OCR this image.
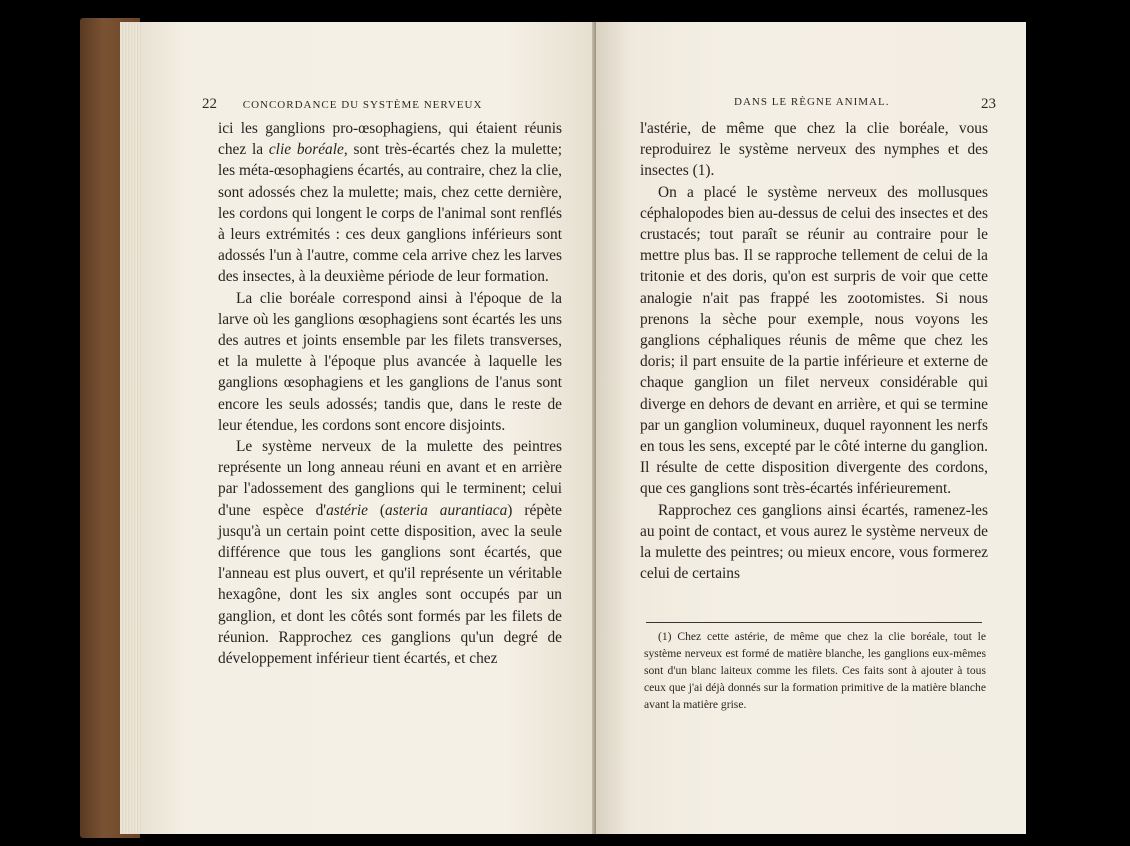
22 CONCORDANCE DU SYSTÈME NERVEUX

ici les ganglions pro-œsophagiens, qui étaient réunis chez la clie boréale, sont très-écartés chez la mulette; les méta-œsophagiens écartés, au contraire, chez la clie, sont adossés chez la mulette; mais, chez cette dernière, les cordons qui longent le corps de l'animal sont renflés à leurs extrémités : ces deux ganglions inférieurs sont adossés l'un à l'autre, comme cela arrive chez les larves des insectes, à la deuxième période de leur formation.

La clie boréale correspond ainsi à l'époque de la larve où les ganglions œsophagiens sont écartés les uns des autres et joints ensemble par les filets transverses, et la mulette à l'époque plus avancée à laquelle les ganglions œsophagiens et les ganglions de l'anus sont encore les seuls adossés; tandis que, dans le reste de leur étendue, les cordons sont encore disjoints.

Le système nerveux de la mulette des peintres représente un long anneau réuni en avant et en arrière par l'adossement des ganglions qui le terminent; celui d'une espèce d'astérie (asteria aurantiaca) répète jusqu'à un certain point cette disposition, avec la seule différence que tous les ganglions sont écartés, que l'anneau est plus ouvert, et qu'il représente un véritable hexagône, dont les six angles sont occupés par un ganglion, et dont les côtés sont formés par les filets de réunion. Rapprochez ces ganglions qu'un degré de développement inférieur tient écartés, et chez

DANS LE RÈGNE ANIMAL.	23

l'astérie, de même que chez la clie boréale, vous reproduirez le système nerveux des nymphes et des insectes (1).

On a placé le système nerveux des mollusques céphalopodes bien au-dessus de celui des insectes et des crustacés; tout paraît se réunir au contraire pour le mettre plus bas. Il se rapproche tellement de celui de la tritonie et des doris, qu'on est surpris de voir que cette analogie n'ait pas frappé les zootomistes. Si nous prenons la sèche pour exemple, nous voyons les ganglions céphaliques réunis de même que chez les doris; il part ensuite de la partie inférieure et externe de chaque ganglion un filet nerveux considérable qui diverge en dehors de devant en arrière, et qui se termine par un ganglion volumineux, duquel rayonnent les nerfs en tous les sens, excepté par le côté interne du ganglion. Il résulte de cette disposition divergente des cordons, que ces ganglions sont très-écartés inférieurement.

Rapprochez ces ganglions ainsi écartés, ramenez-les au point de contact, et vous aurez le système nerveux de la mulette des peintres; ou mieux encore, vous formerez celui de certains

(1) Chez cette astérie, de même que chez la clie boréale, tout le système nerveux est formé de matière blanche, les ganglions eux-mêmes sont d'un blanc laiteux comme les filets. Ces faits sont à ajouter à tous ceux que j'ai déjà donnés sur la formation primitive de la matière blanche avant la matière grise.
